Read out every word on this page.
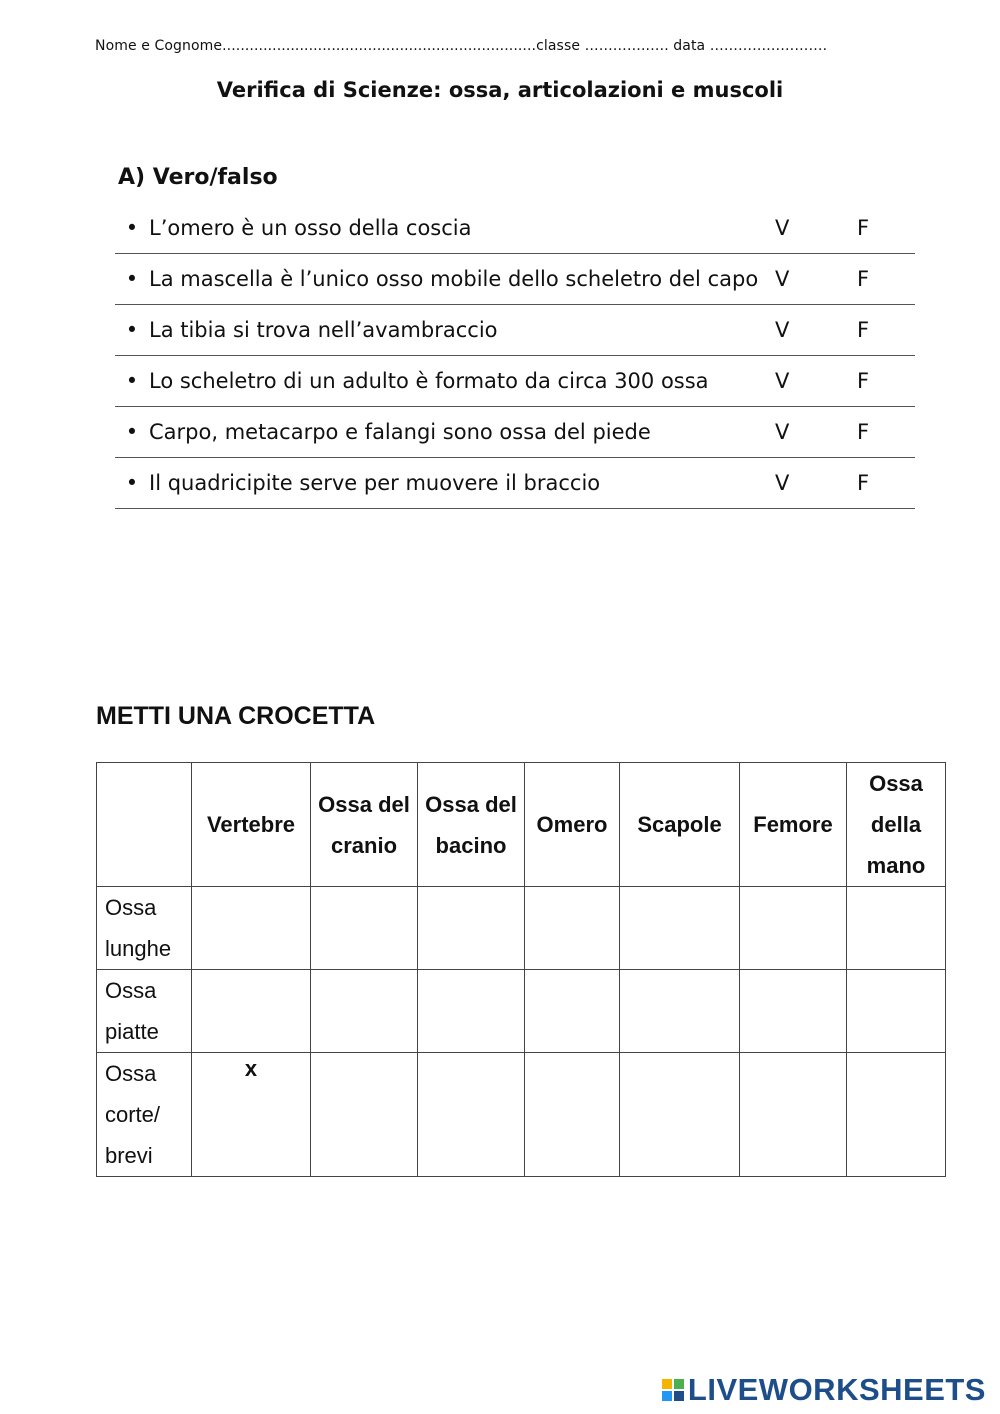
Nome e Cognome.....................................................................classe …………..…. data …………………….
Verifica di Scienze: ossa, articolazioni e muscoli
A) Vero/falso
• L’omero è un osso della coscia	V	F
• La mascella è l’unico osso mobile dello scheletro del capo V	F
• La tibia si trova nell’avambraccio	V	F
• Lo scheletro di un adulto è formato da circa 300 ossa	V	F
• Carpo, metacarpo e falangi sono ossa del piede	V	F
• Il quadricipite serve per muovere il braccio	V	F
METTI UNA CROCETTA
	Vertebre	Ossa del cranio	Ossa del bacino	Omero	Scapole	Femore	Ossa della mano
Ossa lunghe							
Ossa piatte							
Ossa corte/ brevi	x						
LIVEWORKSHEETS
